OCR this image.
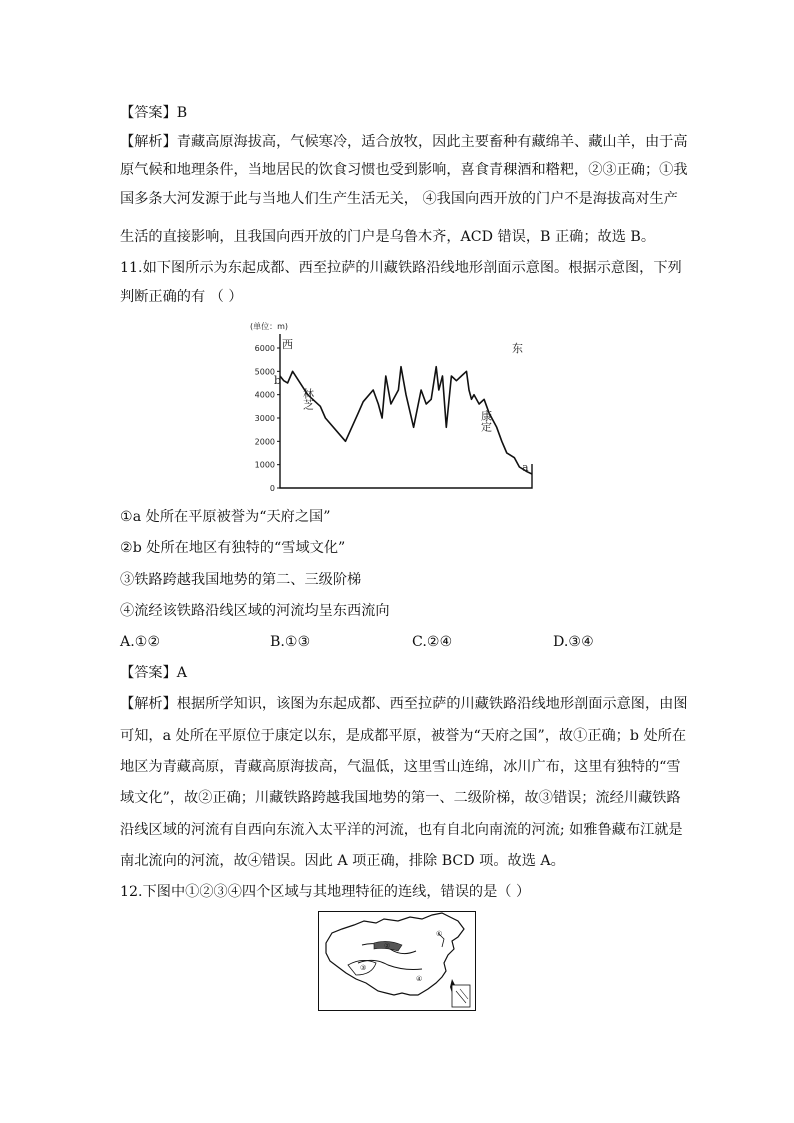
【答案】B
【解析】青藏高原海拔高，气候寒冷，适合放牧，因此主要畜种有藏绵羊、藏山羊，由于高
原气候和地理条件，当地居民的饮食习惯也受到影响，喜食青稞酒和糌粑，②③正确；①我
国多条大河发源于此与当地人们生产生活无关， ④我国向西开放的门户不是海拔高对生产
生活的直接影响，且我国向西开放的门户是乌鲁木齐，ACD 错误，B 正确；故选 B。
11.如下图所示为东起成都、西至拉萨的川藏铁路沿线地形剖面示意图。根据示意图，下列
判断正确的有 （ ）
0
1000
2000
3000
4000
5000
6000
(单位：m)
西	东
b
a
林芝
康定
①a 处所在平原被誉为“天府之国”
②b 处所在地区有独特的“雪域文化”
③铁路跨越我国地势的第二、三级阶梯
④流经该铁路沿线区域的河流均呈东西流向
A.①②	B.①③	C.②④	D.③④
【答案】A
【解析】根据所学知识，该图为东起成都、西至拉萨的川藏铁路沿线地形剖面示意图，由图
可知，a 处所在平原位于康定以东，是成都平原，被誉为“天府之国”，故①正确；b 处所在
地区为青藏高原，青藏高原海拔高，气温低，这里雪山连绵，冰川广布，这里有独特的“雪
域文化”，故②正确；川藏铁路跨越我国地势的第一、二级阶梯，故③错误；流经川藏铁路
沿线区域的河流有自西向东流入太平洋的河流，也有自北向南流的河流; 如雅鲁藏布江就是
南北流向的河流，故④错误。因此 A 项正确，排除 BCD 项。故选 A。
12.下图中①②③④四个区域与其地理特征的连线，错误的是（ ）
①
②
③
④
